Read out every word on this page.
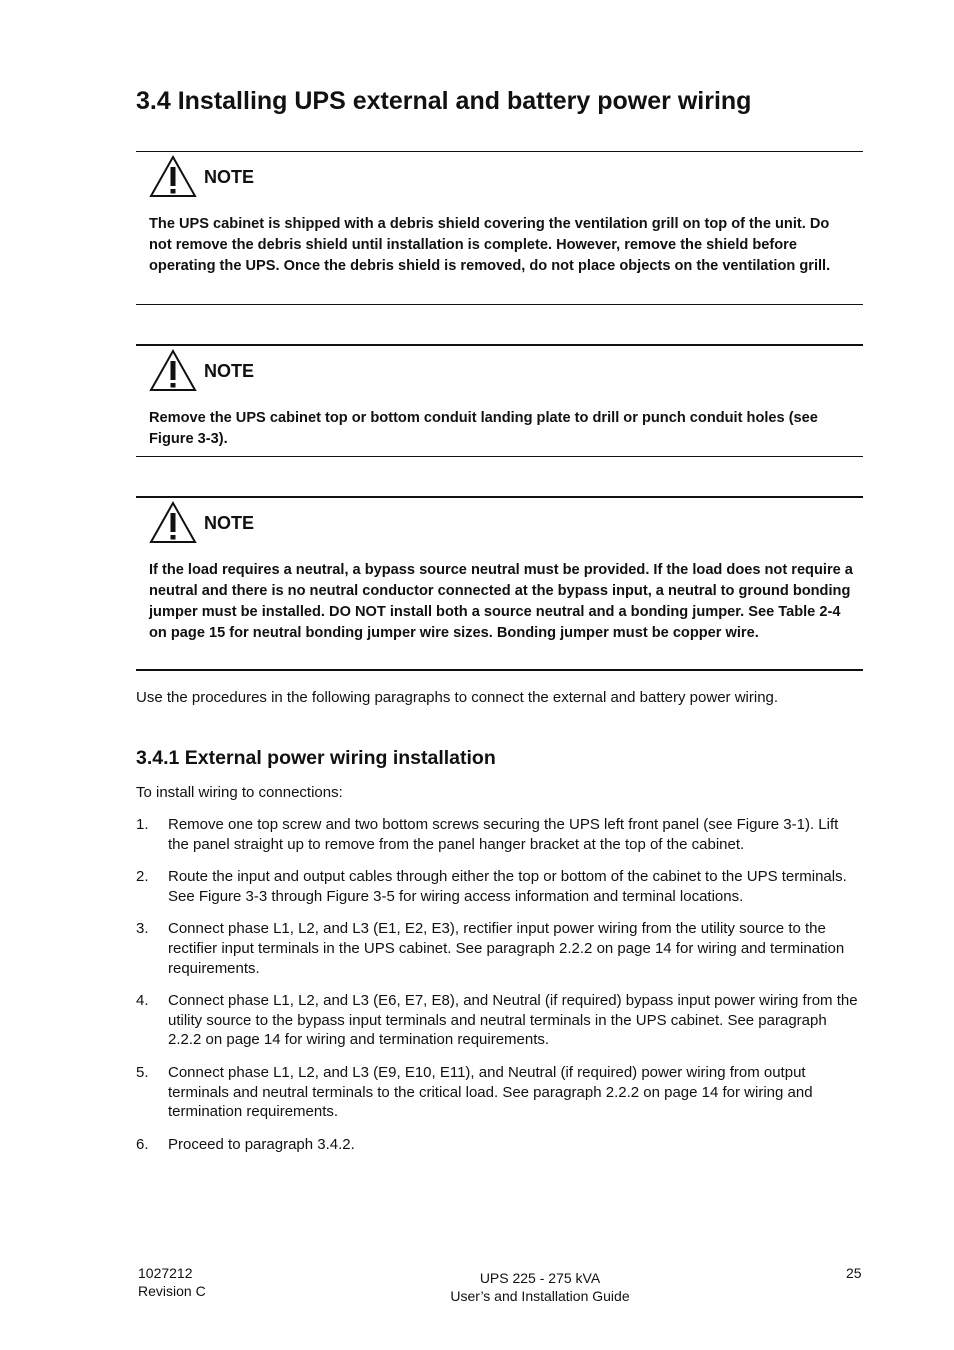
3.4 Installing UPS external and battery power wiring
NOTE
The UPS cabinet is shipped with a debris shield covering the ventilation grill on top of the unit. Do not remove the debris shield until installation is complete. However, remove the shield before operating the UPS. Once the debris shield is removed, do not place objects on the ventilation grill.
NOTE
Remove the UPS cabinet top or bottom conduit landing plate to drill or punch conduit holes (see Figure 3-3).
NOTE
If the load requires a neutral, a bypass source neutral must be provided. If the load does not require a neutral and there is no neutral conductor connected at the bypass input, a neutral to ground bonding jumper must be installed. DO NOT install both a source neutral and a bonding jumper. See Table 2-4 on page 15 for neutral bonding jumper wire sizes. Bonding jumper must be copper wire.

Use the procedures in the following paragraphs to connect the external and battery power wiring.

3.4.1 External power wiring installation

To install wiring to connections:

1. Remove one top screw and two bottom screws securing the UPS left front panel (see Figure 3-1). Lift the panel straight up to remove from the panel hanger bracket at the top of the cabinet.
2. Route the input and output cables through either the top or bottom of the cabinet to the UPS terminals. See Figure 3-3 through Figure 3-5 for wiring access information and terminal locations.
3. Connect phase L1, L2, and L3 (E1, E2, E3), rectifier input power wiring from the utility source to the rectifier input terminals in the UPS cabinet. See paragraph 2.2.2 on page 14 for wiring and termination requirements.
4. Connect phase L1, L2, and L3 (E6, E7, E8), and Neutral (if required) bypass input power wiring from the utility source to the bypass input terminals and neutral terminals in the UPS cabinet. See paragraph 2.2.2 on page 14 for wiring and termination requirements.
5. Connect phase L1, L2, and L3 (E9, E10, E11), and Neutral (if required) power wiring from output terminals and neutral terminals to the critical load. See paragraph 2.2.2 on page 14 for wiring and termination requirements.
6. Proceed to paragraph 3.4.2.
1027212
Revision C
UPS 225 - 275 kVA
User’s and Installation Guide
25
